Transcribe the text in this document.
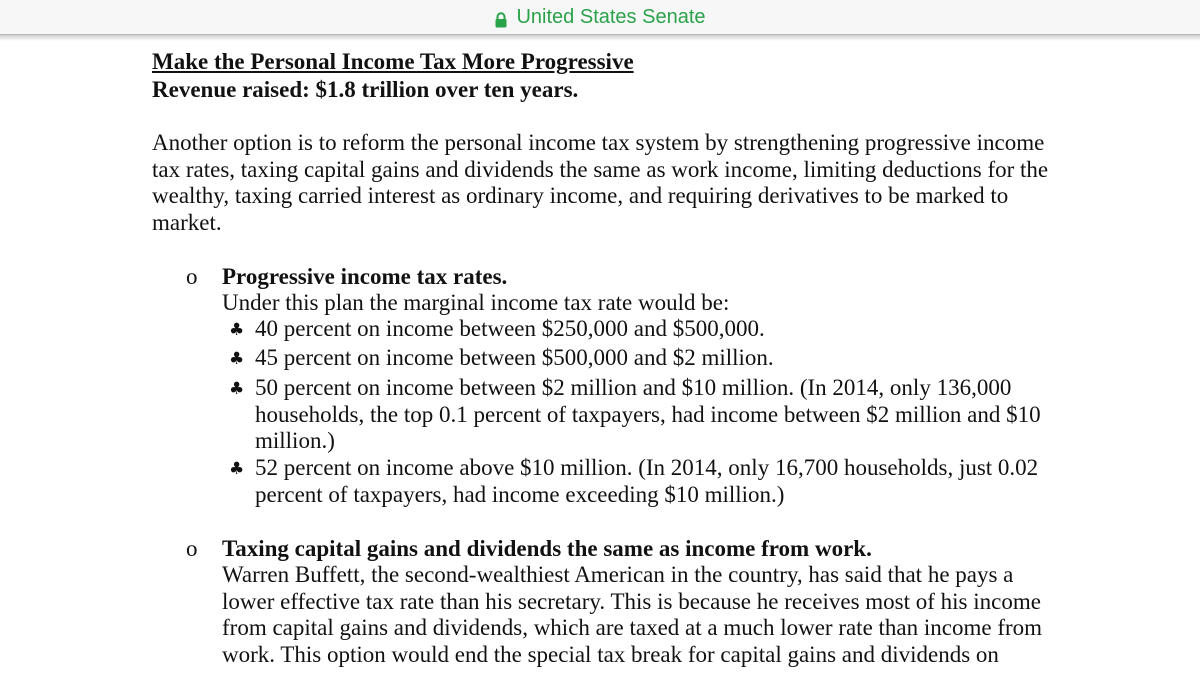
Make the Personal Income Tax More Progressive
Revenue raised: $1.8 trillion over ten years.
Another option is to reform the personal income tax system by strengthening progressive income
tax rates, taxing capital gains and dividends the same as work income, limiting deductions for the
wealthy, taxing carried interest as ordinary income, and requiring derivatives to be marked to
market.
o Progressive income tax rates.
Under this plan the marginal income tax rate would be:
♣ 40 percent on income between $250,000 and $500,000.
♣ 45 percent on income between $500,000 and $2 million.
♣ 50 percent on income between $2 million and $10 million. (In 2014, only 136,000
households, the top 0.1 percent of taxpayers, had income between $2 million and $10
million.)
♣ 52 percent on income above $10 million. (In 2014, only 16,700 households, just 0.02
percent of taxpayers, had income exceeding $10 million.)
o Taxing capital gains and dividends the same as income from work.
Warren Buffett, the second-wealthiest American in the country, has said that he pays a
lower effective tax rate than his secretary. This is because he receives most of his income
from capital gains and dividends, which are taxed at a much lower rate than income from
work. This option would end the special tax break for capital gains and dividends on
United States Senate
